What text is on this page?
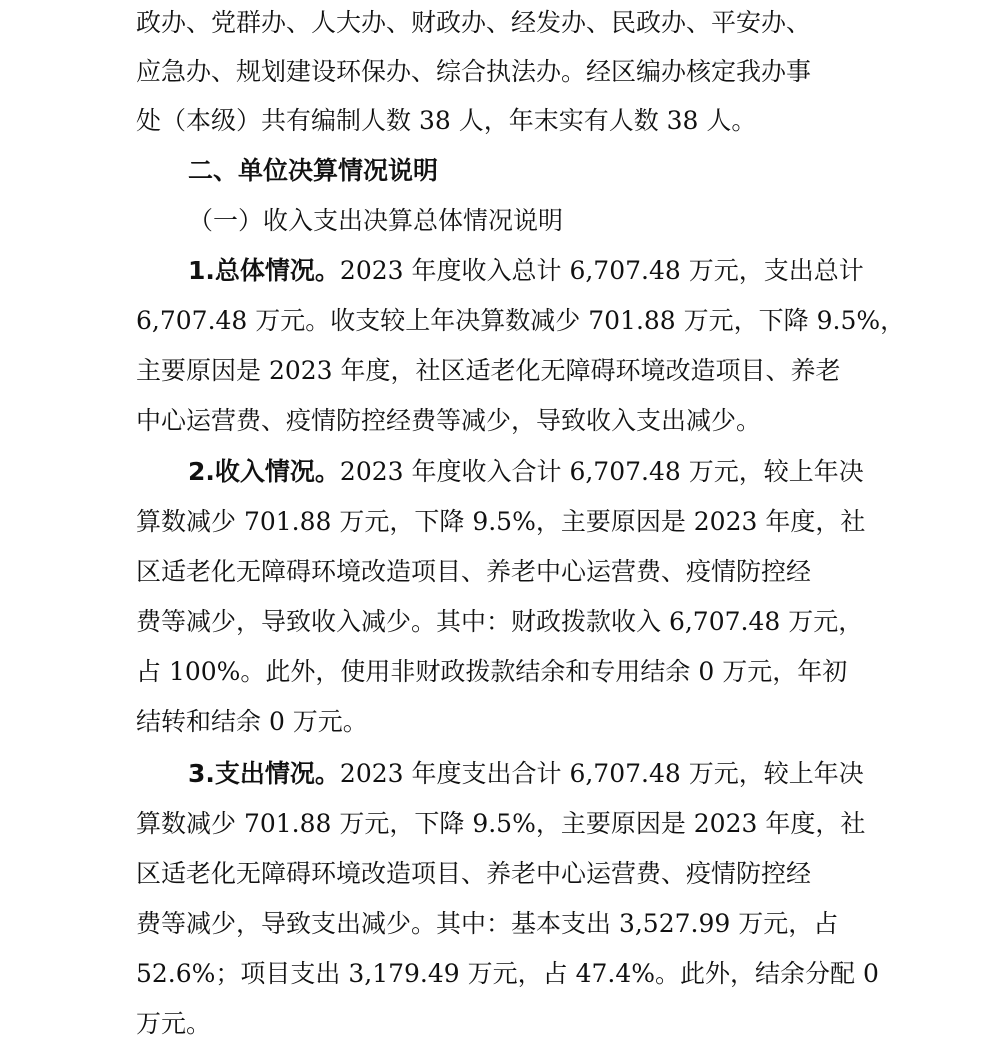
政办、党群办、人大办、财政办、经发办、民政办、平安办、
应急办、规划建设环保办、综合执法办。经区编办核定我办事
处（本级）共有编制人数 38 人，年末实有人数 38 人。
二、单位决算情况说明
（一）收入支出决算总体情况说明
1.总体情况。2023 年度收入总计 6,707.48 万元，支出总计
6,707.48 万元。收支较上年决算数减少 701.88 万元，下降 9.5%，
主要原因是 2023 年度，社区适老化无障碍环境改造项目、养老
中心运营费、疫情防控经费等减少，导致收入支出减少。
2.收入情况。2023 年度收入合计 6,707.48 万元，较上年决
算数减少 701.88 万元，下降 9.5%，主要原因是 2023 年度，社
区适老化无障碍环境改造项目、养老中心运营费、疫情防控经
费等减少，导致收入减少。其中：财政拨款收入 6,707.48 万元，
占 100%。此外，使用非财政拨款结余和专用结余 0 万元，年初
结转和结余 0 万元。
3.支出情况。2023 年度支出合计 6,707.48 万元，较上年决
算数减少 701.88 万元，下降 9.5%，主要原因是 2023 年度，社
区适老化无障碍环境改造项目、养老中心运营费、疫情防控经
费等减少，导致支出减少。其中：基本支出 3,527.99 万元，占
52.6%；项目支出 3,179.49 万元，占 47.4%。此外，结余分配 0
万元。
